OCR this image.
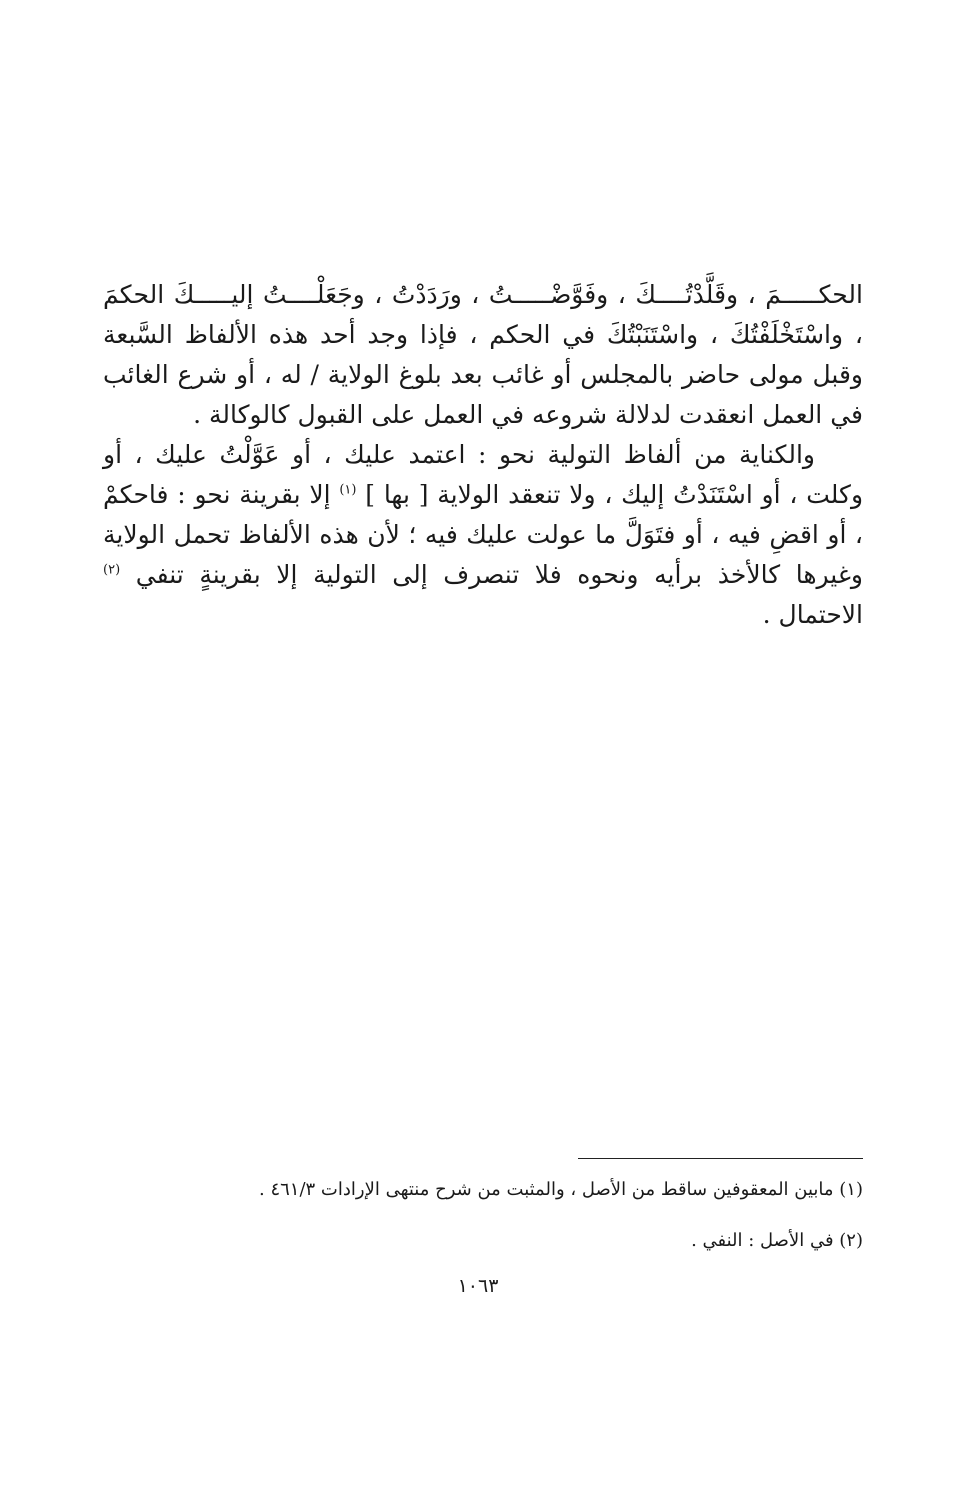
الحكـــــمَ ، وقَلَّدْتُــــكَ ، وفَوَّضْـــــتُ ، ورَدَدْتُ ، وجَعَلْــــتُ إليـــــكَ الحكمَ ، واسْتَخْلَفْتُكَ ، واسْتَنَبْتُكَ في الحكم ، فإذا وجد أحد هذه الألفاظ السَّبعة وقبل مولى حاضر بالمجلس أو غائب بعد بلوغ الولاية / له ، أو شرع الغائب في العمل انعقدت لدلالة شروعه في العمل على القبول كالوكالة .

والكناية من ألفاظ التولية نحو : اعتمد عليك ، أو عَوَّلْتُ عليك ، أو وكلت ، أو اسْتَنَدْتُ إليك ، ولا تنعقد الولاية [ بها ] $^{(١)}$ إلا بقرينة نحو : فاحكمْ ، أو اقضِ فيه ، أو فتَوَلَّ ما عولت عليك فيه ؛ لأن هذه الألفاظ تحمل الولاية وغيرها كالأخذ برأيه ونحوه فلا تنصرف إلى التولية إلا بقرينةٍ تنفي $^{(٢)}$ الاحتمال .

(١) مابين المعقوفين ساقط من الأصل ، والمثبت من شرح منتهى الإرادات ٤٦١/٣ .

(٢) في الأصل : النفي .

١٠٦٣
